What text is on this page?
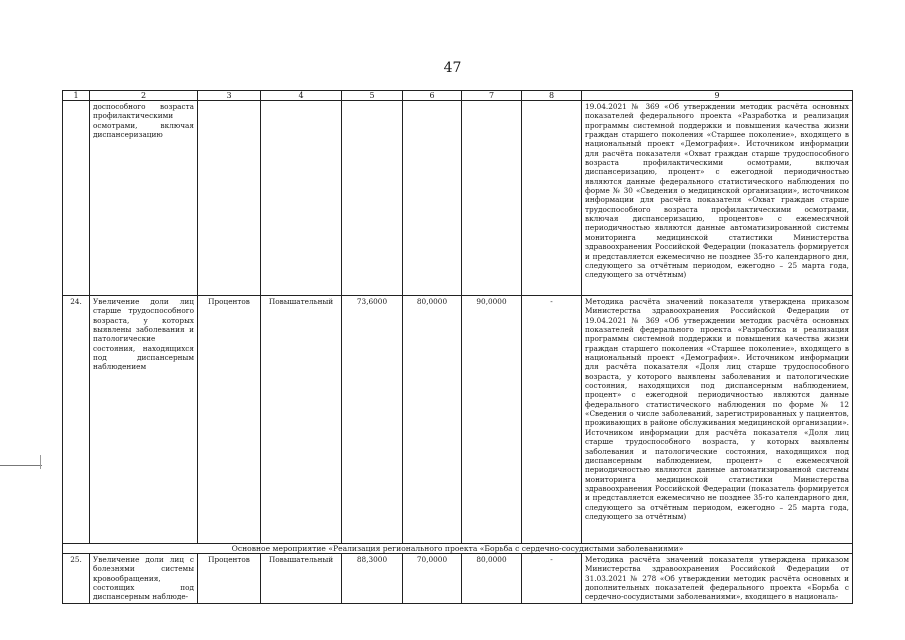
47
1	2	3	4	5	6	7	8	9
	доспособного возраста профилактическими осмотрами, включая диспансеризацию							19.04.2021 № 369 «Об утверждении методик расчёта основных показателей федерального проекта «Разработка и реализация программы системной поддержки и повышения качества жизни граждан старшего поколения «Старшее поколение», входящего в национальный проект «Демография». Источником информации для расчёта показателя «Охват граждан старше трудоспособного возраста профилактическими осмотрами, включая диспансеризацию, процент» с ежегодной периодичностью являются данные федерального статистического наблюдения по форме № 30 «Сведения о медицинской организации», источником информации для расчёта показателя «Охват граждан старше трудоспособного возраста профилактическими осмотрами, включая диспансеризацию, процентов» с ежемесячной периодичностью являются данные автоматизированной системы мониторинга медицинской статистики Министерства здравоохранения Российской Федерации (показатель формируется и представляется ежемесячно не позднее 35-го календарного дня, следующего за отчётным периодом, ежегодно – 25 марта года, следующего за отчётным)
24.	Увеличение доли лиц старше трудоспособного возраста, у которых выявлены заболевания и патологические состояния, находящихся под диспансерным наблюдением	Процентов	Повышательный	73,6000	80,0000	90,0000	-	Методика расчёта значений показателя утверждена приказом Министерства здравоохранения Российской Федерации от 19.04.2021 № 369 «Об утверждении методик расчёта основных показателей федерального проекта «Разработка и реализация программы системной поддержки и повышения качества жизни граждан старшего поколения «Старшее поколение», входящего в национальный проект «Демография». Источником информации для расчёта показателя «Доля лиц старше трудоспособного возраста, у которого выявлены заболевания и патологические состояния, находящихся под диспансерным наблюдением, процент» с ежегодной периодичностью являются данные федерального статистического наблюдения по форме № 12 «Сведения о числе заболеваний, зарегистрированных у пациентов, проживающих в районе обслуживания медицинской организации». Источником информации для расчёта показателя «Доля лиц старше трудоспособного возраста, у которых выявлены заболевания и патологические состояния, находящихся под диспансерным наблюдением, процент» с ежемесячной периодичностью являются данные автоматизированной системы мониторинга медицинской статистики Министерства здравоохранения Российской Федерации (показатель формируется и представляется ежемесячно не позднее 35-го календарного дня, следующего за отчётным периодом, ежегодно – 25 марта года, следующего за отчётным)
Основное мероприятие «Реализация регионального проекта «Борьба с сердечно-сосудистыми заболеваниями»								
25.	Увеличение доли лиц с болезнями системы кровообращения, состоящих под диспансерным наблюде-	Процентов	Повышательный	88,3000	70,0000	80,0000	-	Методика расчёта значений показателя утверждена приказом Министерства здравоохранения Российской Федерации от 31.03.2021 № 278 «Об утверждении методик расчёта основных и дополнительных показателей федерального проекта «Борьба с сердечно-сосудистыми заболеваниями», входящего в националь-
